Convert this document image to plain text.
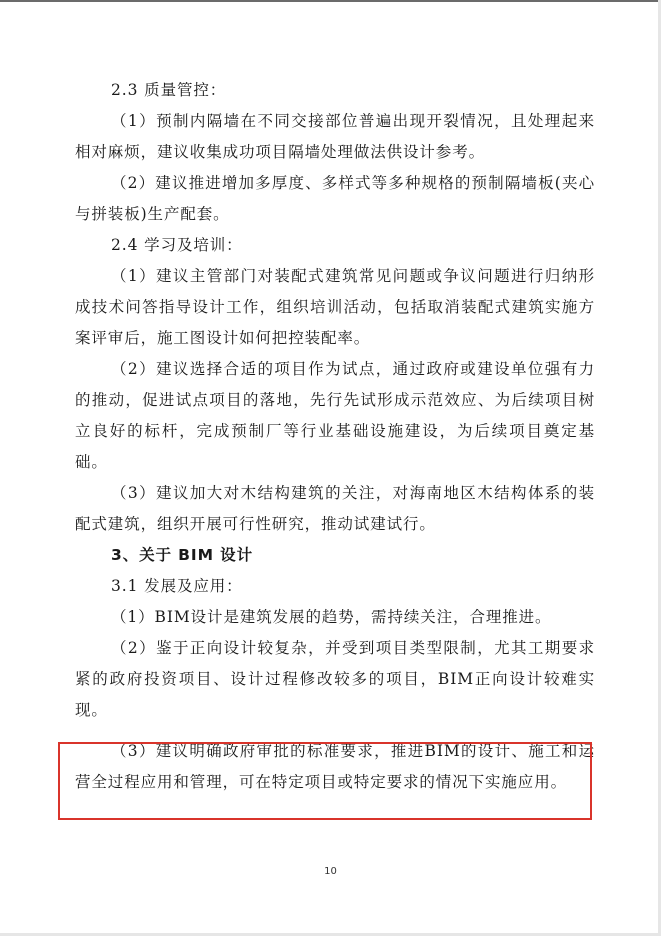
2.3 质量管控：

（1）预制内隔墙在不同交接部位普遍出现开裂情况，且处理起来相对麻烦，建议收集成功项目隔墙处理做法供设计参考。

（2）建议推进增加多厚度、多样式等多种规格的预制隔墙板(夹心与拼装板)生产配套。

2.4 学习及培训：

（1）建议主管部门对装配式建筑常见问题或争议问题进行归纳形成技术问答指导设计工作，组织培训活动，包括取消装配式建筑实施方案评审后，施工图设计如何把控装配率。

（2）建议选择合适的项目作为试点，通过政府或建设单位强有力的推动，促进试点项目的落地，先行先试形成示范效应、为后续项目树立良好的标杆，完成预制厂等行业基础设施建设，为后续项目奠定基础。

（3）建议加大对木结构建筑的关注，对海南地区木结构体系的装配式建筑，组织开展可行性研究，推动试建试行。

3、关于 BIM 设计

3.1 发展及应用：

（1）BIM设计是建筑发展的趋势，需持续关注，合理推进。

（2）鉴于正向设计较复杂，并受到项目类型限制，尤其工期要求紧的政府投资项目、设计过程修改较多的项目，BIM正向设计较难实现。

（3）建议明确政府审批的标准要求，推进BIM的设计、施工和运营全过程应用和管理，可在特定项目或特定要求的情况下实施应用。

10
